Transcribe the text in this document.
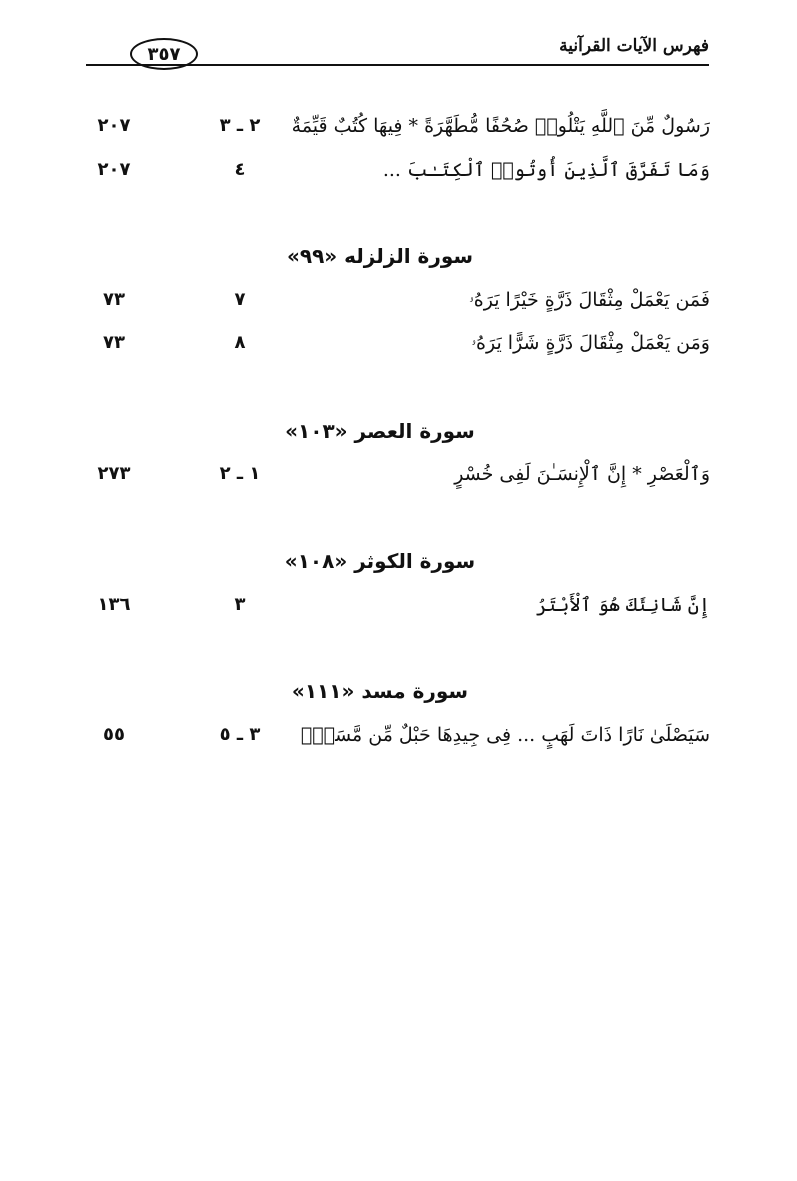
فهرس الآيات القرآنية
٣٥٧
رَسُولٌ مِّنَ ٱللَّهِ يَتْلُوا۟ صُحُفًا مُّطَهَّرَةً * فِيهَا كُتُبٌ قَيِّمَةٌ
٢ ـ ٣
٢٠٧
وَمَا تَفَرَّقَ ٱلَّذِينَ أُوتُوا۟ ٱلْكِتَـٰبَ ...
٤
٢٠٧
سورة الزلزله «٩٩»
فَمَن يَعْمَلْ مِثْقَالَ ذَرَّةٍ خَيْرًا يَرَهُۥ
٧
٧٣
وَمَن يَعْمَلْ مِثْقَالَ ذَرَّةٍ شَرًّا يَرَهُۥ
٨
٧٣
سورة العصر «١٠٣»
وَٱلْعَصْرِ * إِنَّ ٱلْإِنسَـٰنَ لَفِى خُسْرٍ
١ ـ ٢
٢٧٣
سورة الكوثر «١٠٨»
إِنَّ شَانِئَكَ هُوَ ٱلْأَبْتَرُ
٣
١٣٦
سورة مسد «١١١»
سَيَصْلَىٰ نَارًا ذَاتَ لَهَبٍ ... فِى جِيدِهَا حَبْلٌ مِّن مَّسَدٍۭ
٣ ـ ٥
٥٥
